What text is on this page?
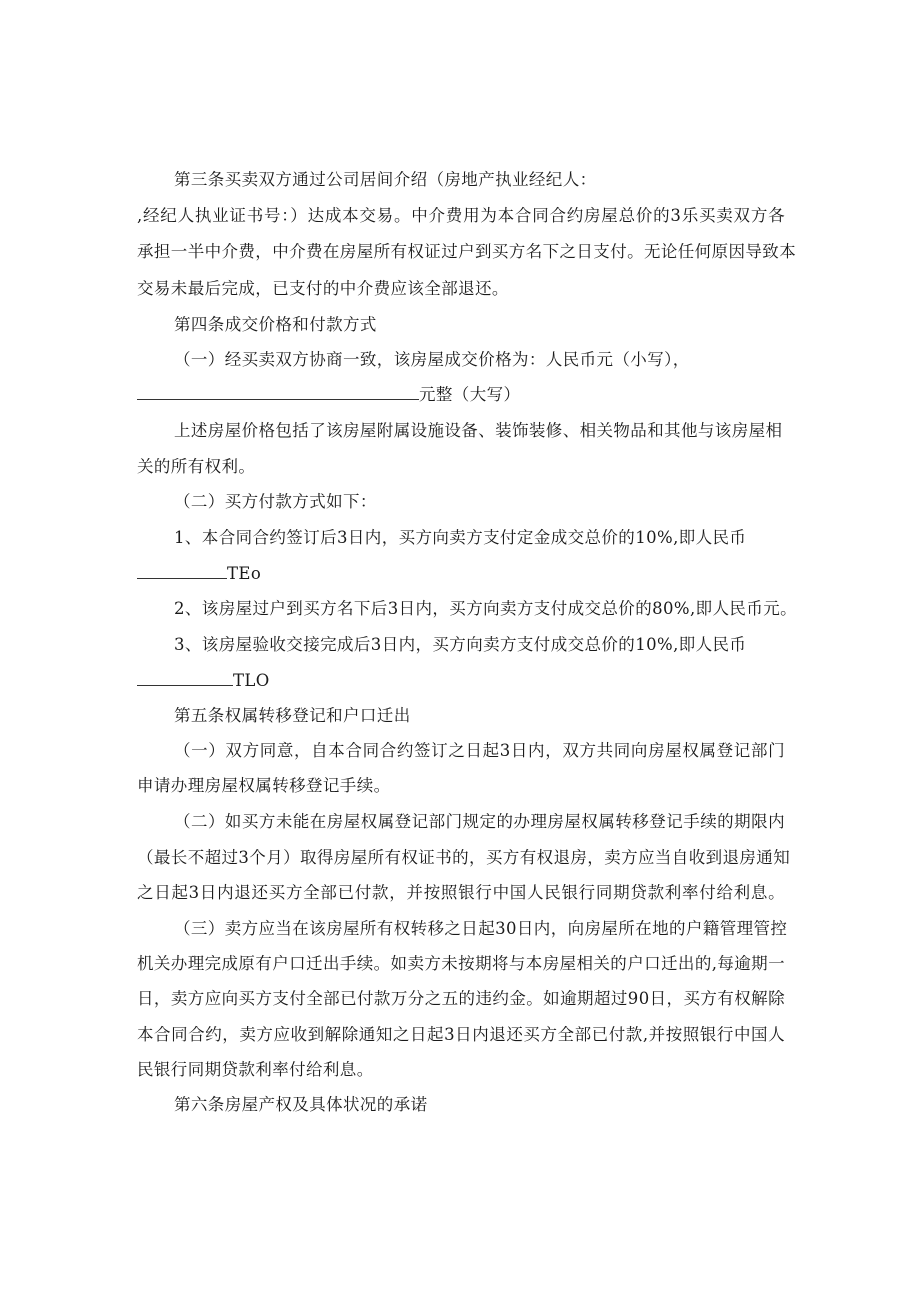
第三条买卖双方通过公司居间介绍（房地产执业经纪人：
,经纪人执业证书号：）达成本交易。中介费用为本合同合约房屋总价的3乐买卖双方各
承担一半中介费，中介费在房屋所有权证过户到买方名下之日支付。无论任何原因导致本
交易未最后完成，已支付的中介费应该全部退还。
第四条成交价格和付款方式
（一）经买卖双方协商一致，该房屋成交价格为：人民币元（小写），
元整（大写）
上述房屋价格包括了该房屋附属设施设备、装饰装修、相关物品和其他与该房屋相
关的所有权利。
（二）买方付款方式如下：
1、本合同合约签订后3日内，买方向卖方支付定金成交总价的10%,即人民币
TEo
2、该房屋过户到买方名下后3日内，买方向卖方支付成交总价的80%,即人民币元。
3、该房屋验收交接完成后3日内，买方向卖方支付成交总价的10%,即人民币
TLO
第五条权属转移登记和户口迁出
（一）双方同意，自本合同合约签订之日起3日内，双方共同向房屋权属登记部门
申请办理房屋权属转移登记手续。
（二）如买方未能在房屋权属登记部门规定的办理房屋权属转移登记手续的期限内
（最长不超过3个月）取得房屋所有权证书的，买方有权退房，卖方应当自收到退房通知
之日起3日内退还买方全部已付款，并按照银行中国人民银行同期贷款利率付给利息。
（三）卖方应当在该房屋所有权转移之日起30日内，向房屋所在地的户籍管理管控
机关办理完成原有户口迁出手续。如卖方未按期将与本房屋相关的户口迁出的,每逾期一
日，卖方应向买方支付全部已付款万分之五的违约金。如逾期超过90日，买方有权解除
本合同合约，卖方应收到解除通知之日起3日内退还买方全部已付款,并按照银行中国人
民银行同期贷款利率付给利息。
第六条房屋产权及具体状况的承诺
